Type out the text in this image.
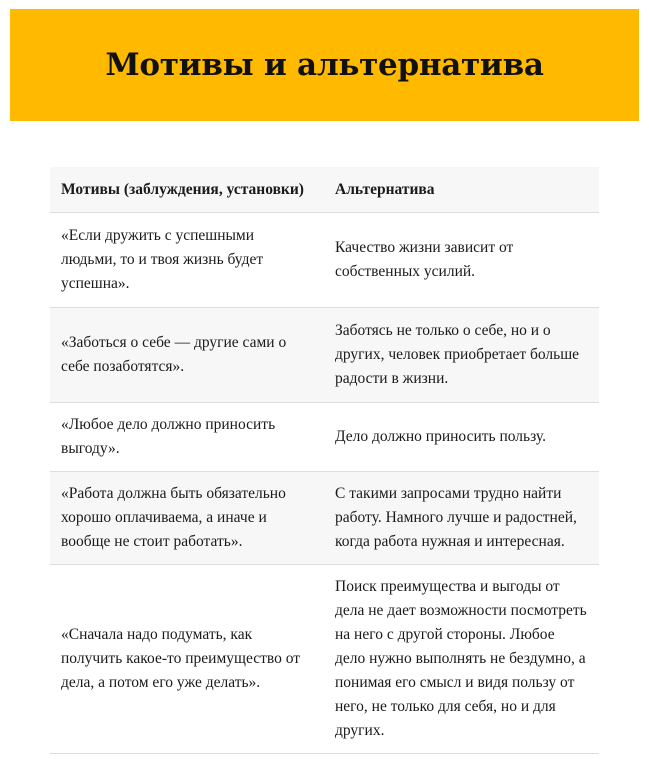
Мотивы и альтернатива
Мотивы (заблуждения, установки)	Альтернатива
«Если дружить с успешными людьми, то и твоя жизнь будет успешна».	Качество жизни зависит от собственных усилий.
«Заботься о себе — другие сами о себе позаботятся».	Заботясь не только о себе, но и о других, человек приобретает больше радости в жизни.
«Любое дело должно приносить выгоду».	Дело должно приносить пользу.
«Работа должна быть обязательно хорошо оплачиваема, а иначе и вообще не стоит работать».	С такими запросами трудно найти работу. Намного лучше и радостней, когда работа нужная и интересная.
«Сначала надо подумать, как получить какое-то преимущество от дела, а потом его уже делать».	Поиск преимущества и выгоды от дела не дает возможности посмотреть на него с другой стороны. Любое дело нужно выполнять не бездумно, а понимая его смысл и видя пользу от него, не только для себя, но и для других.
